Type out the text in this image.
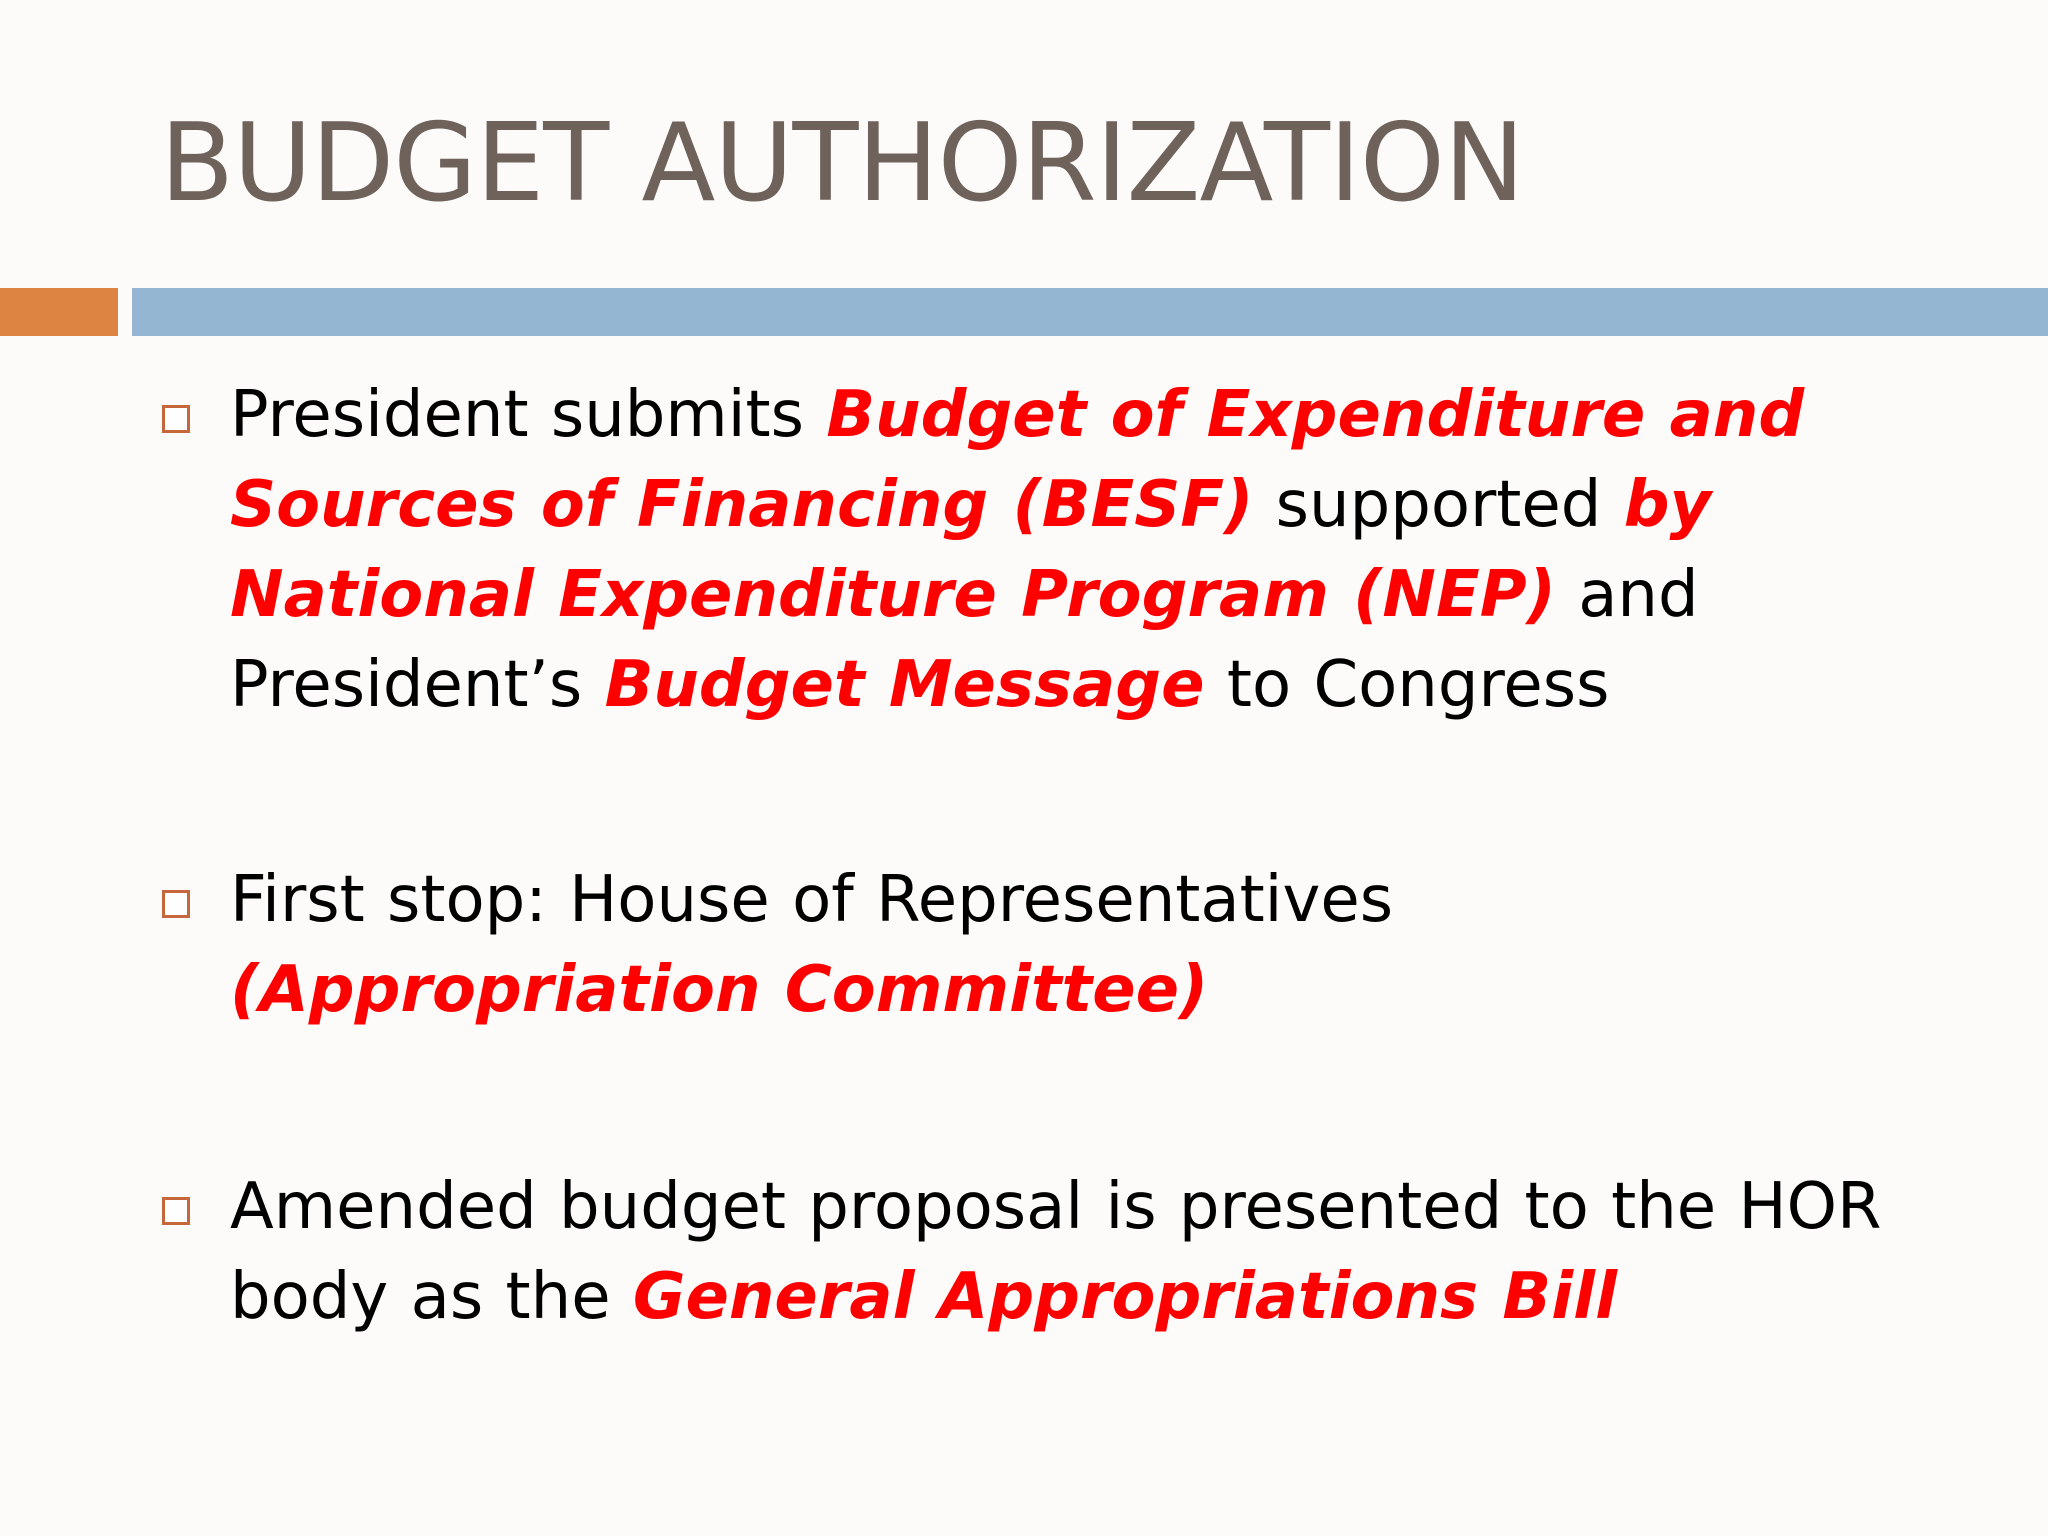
BUDGET AUTHORIZATION
President submits Budget of Expenditure and Sources of Financing (BESF) supported by National Expenditure Program (NEP) and President’s Budget Message to Congress
First stop: House of Representatives (Appropriation Committee)
Amended budget proposal is presented to the HOR body as the General Appropriations Bill
